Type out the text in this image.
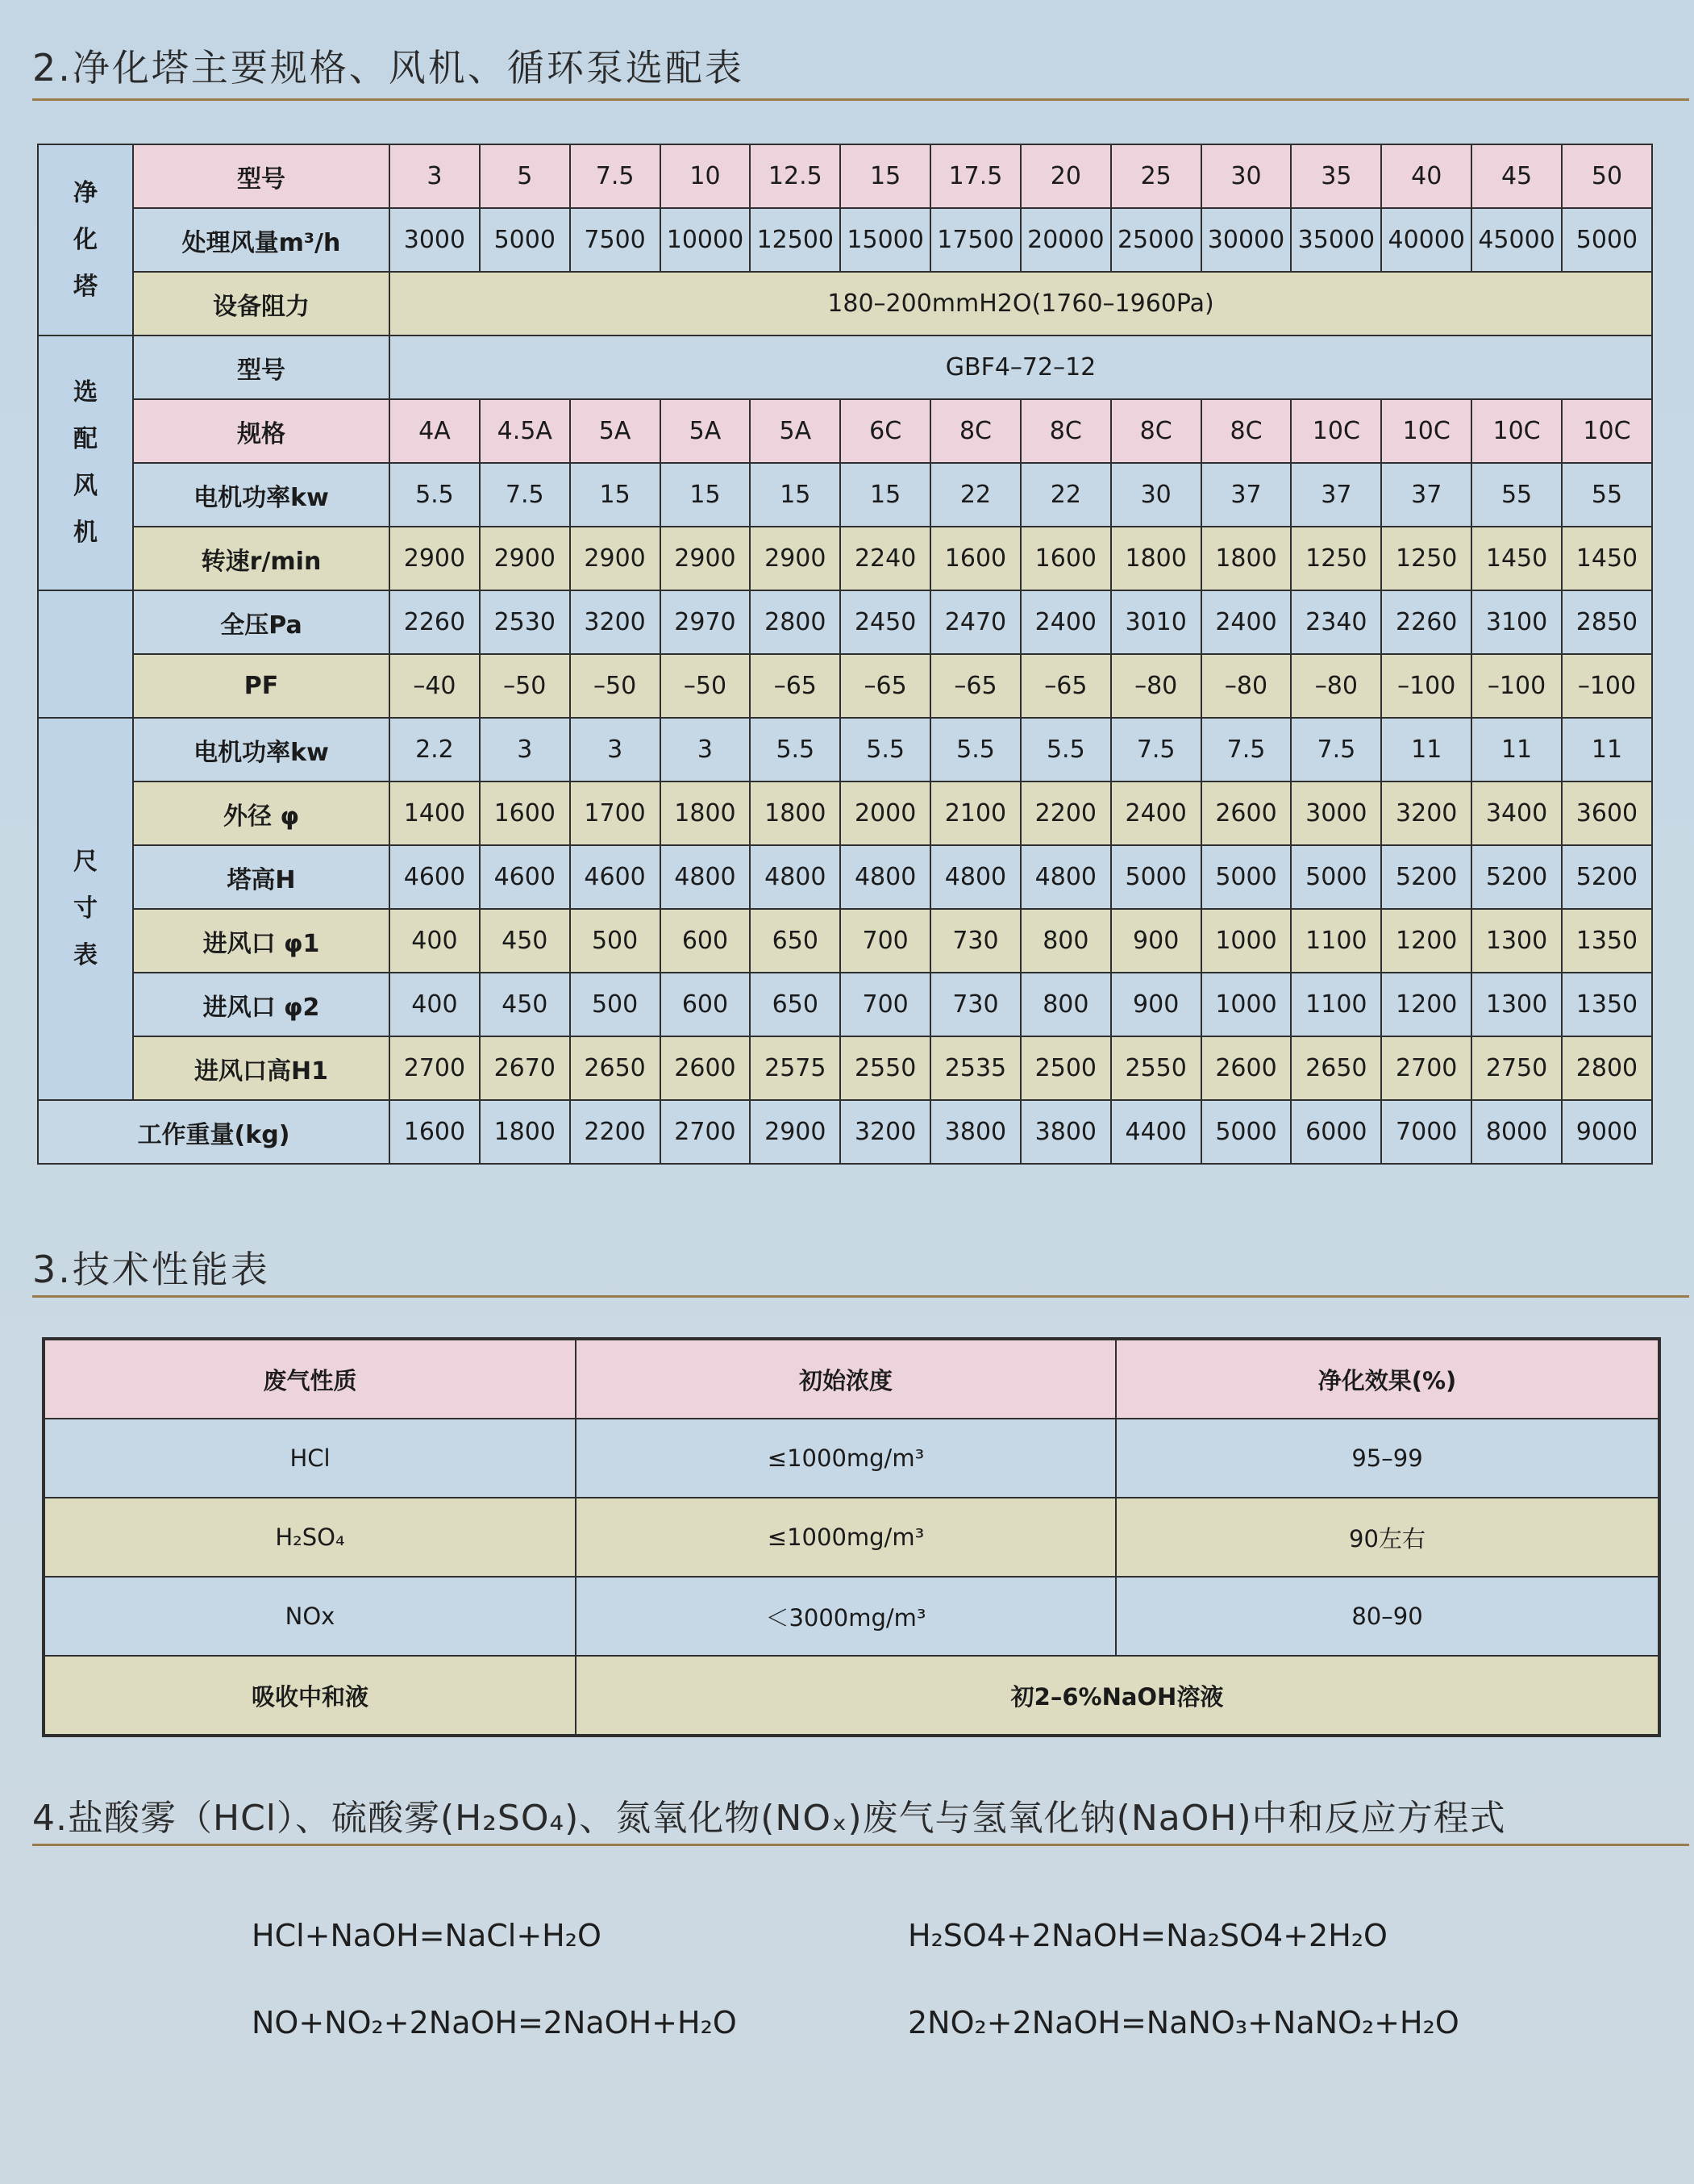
2.净化塔主要规格、风机、循环泵选配表
净
化
塔	型号	3	5	7.5	10	12.5	15	17.5	20	25	30	35	40	45	50
	处理风量m³/h	3000	5000	7500	10000	12500	15000	17500	20000	25000	30000	35000	40000	45000	5000
	设备阻力	180–200mmH2O(1760–1960Pa)													

选
配
风
机	型号	GBF4–72–12													
	规格	4A	4.5A	5A	5A	5A	6C	8C	8C	8C	8C	10C	10C	10C	10C
	电机功率kw	5.5	7.5	15	15	15	15	22	22	30	37	37	37	55	55
	转速r/min	2900	2900	2900	2900	2900	2240	1600	1600	1800	1800	1250	1250	1450	1450
	全压Pa	2260	2530	3200	2970	2800	2450	2470	2400	3010	2400	2340	2260	3100	2850
	PF	–40	–50	–50	–50	–65	–65	–65	–65	–80	–80	–80	–100	–100	–100

尺
寸
表	电机功率kw	2.2	3	3	3	5.5	5.5	5.5	5.5	7.5	7.5	7.5	11	11	11
	外径 φ	1400	1600	1700	1800	1800	2000	2100	2200	2400	2600	3000	3200	3400	3600
	塔高H	4600	4600	4600	4800	4800	4800	4800	4800	5000	5000	5000	5200	5200	5200
	进风口 φ1	400	450	500	600	650	700	730	800	900	1000	1100	1200	1300	1350
	进风口 φ2	400	450	500	600	650	700	730	800	900	1000	1100	1200	1300	1350
	进风口高H1	2700	2670	2650	2600	2575	2550	2535	2500	2550	2600	2650	2700	2750	2800
工作重量(kg)		1600	1800	2200	2700	2900	3200	3800	3800	4400	5000	6000	7000	8000	9000
3.技术性能表
废气性质	初始浓度	净化效果(%)
HCl	≤1000mg/m³	95–99
H₂SO₄	≤1000mg/m³	90左右
NOx	＜3000mg/m³	80–90
吸收中和液	初2–6%NaOH溶液	
4.盐酸雾（HCl）、硫酸雾(H₂SO₄)、氮氧化物(NOₓ)废气与氢氧化钠(NaOH)中和反应方程式
HCl+NaOH=NaCl+H₂O	H₂SO4+2NaOH=Na₂SO4+2H₂O
NO+NO₂+2NaOH=2NaOH+H₂O	2NO₂+2NaOH=NaNO₃+NaNO₂+H₂O
